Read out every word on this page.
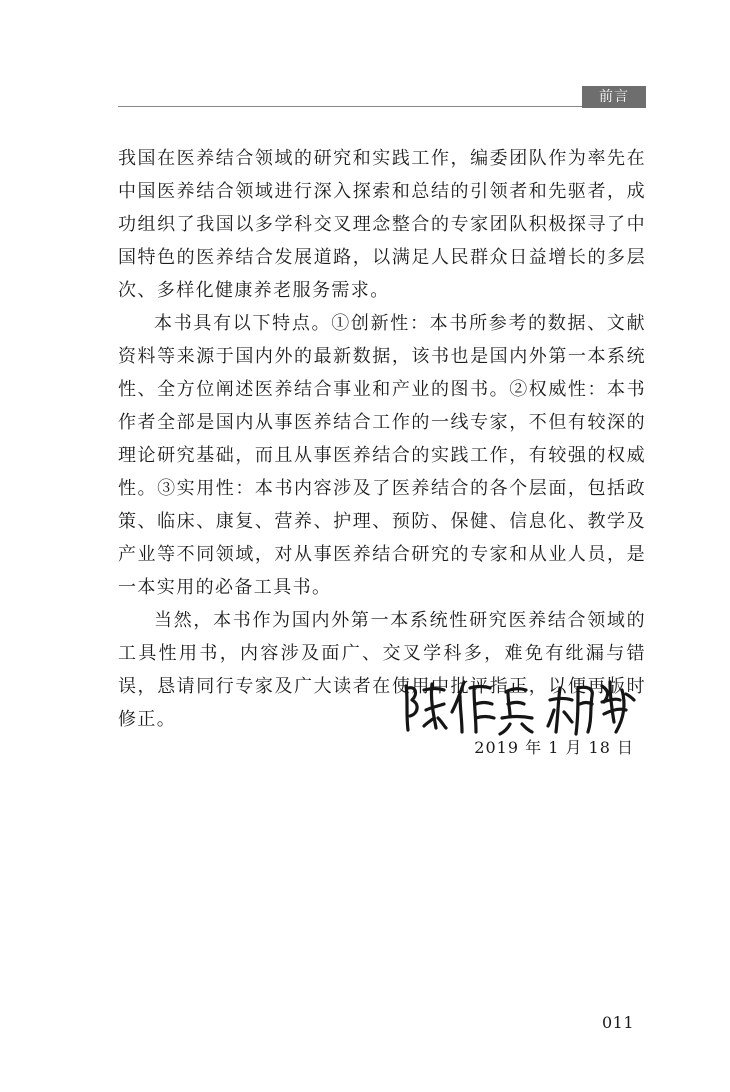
前言

我国在医养结合领域的研究和实践工作，编委团队作为率先在中国医养结合领域进行深入探索和总结的引领者和先驱者，成功组织了我国以多学科交叉理念整合的专家团队积极探寻了中国特色的医养结合发展道路，以满足人民群众日益增长的多层次、多样化健康养老服务需求。

本书具有以下特点。①创新性：本书所参考的数据、文献资料等来源于国内外的最新数据，该书也是国内外第一本系统性、全方位阐述医养结合事业和产业的图书。②权威性：本书作者全部是国内从事医养结合工作的一线专家，不但有较深的理论研究基础，而且从事医养结合的实践工作，有较强的权威性。③实用性：本书内容涉及了医养结合的各个层面，包括政策、临床、康复、营养、护理、预防、保健、信息化、教学及产业等不同领域，对从事医养结合研究的专家和从业人员，是一本实用的必备工具书。

当然，本书作为国内外第一本系统性研究医养结合领域的工具性用书，内容涉及面广、交叉学科多，难免有纰漏与错误，恳请同行专家及广大读者在使用中批评指正，以便再版时修正。

2019 年 1 月 18 日
011
